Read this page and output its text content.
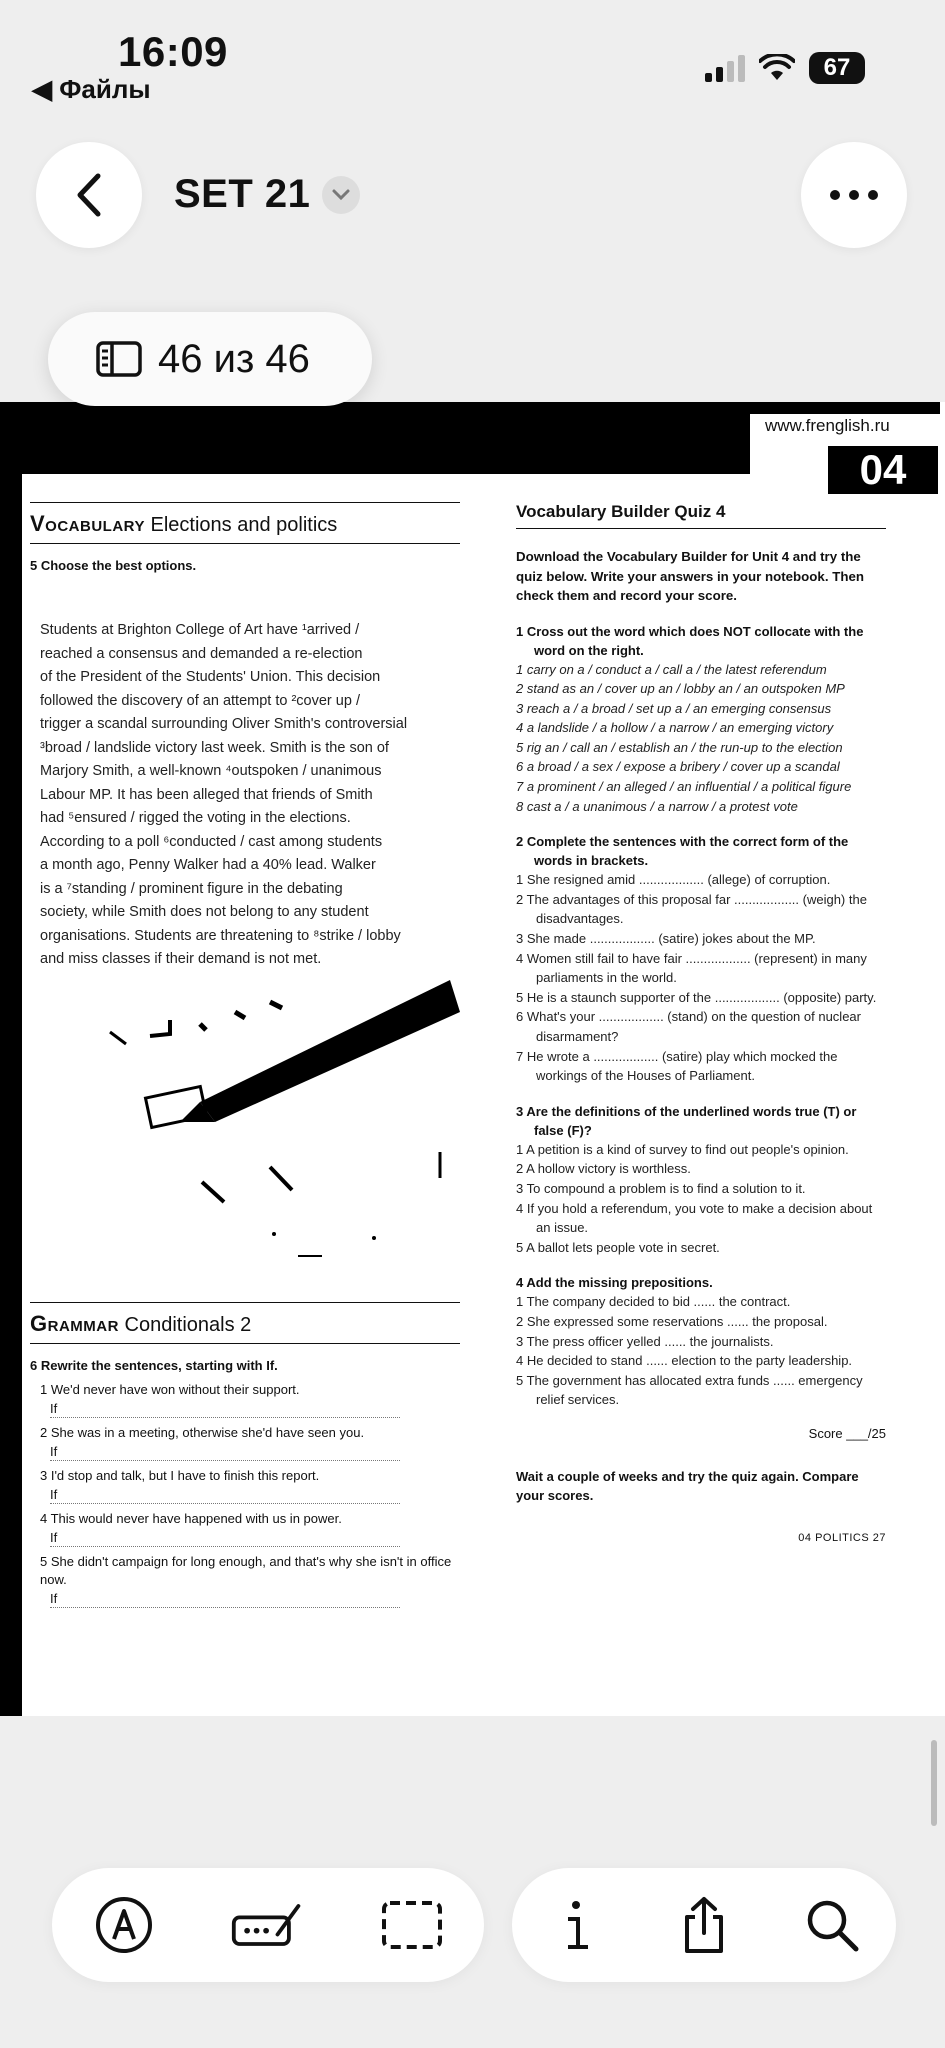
16:09
◀ Файлы
67
SET 21
www.frenglish.ru
04
Vocabulary Elections and politics
5 Choose the best options.
Students at Brighton College of Art have ¹arrived /
reached a consensus and demanded a re-election
of the President of the Students' Union. This decision
followed the discovery of an attempt to ²cover up /
trigger a scandal surrounding Oliver Smith's controversial
³broad / landslide victory last week. Smith is the son of
Marjory Smith, a well-known ⁴outspoken / unanimous
Labour MP. It has been alleged that friends of Smith
had ⁵ensured / rigged the voting in the elections.
According to a poll ⁶conducted / cast among students
a month ago, Penny Walker had a 40% lead. Walker
is a ⁷standing / prominent figure in the debating
society, while Smith does not belong to any student
organisations. Students are threatening to ⁸strike / lobby
and miss classes if their demand is not met.
Grammar Conditionals 2
6 Rewrite the sentences, starting with If.
1 We'd never have won without their support.
If
2 She was in a meeting, otherwise she'd have seen you.
If
3 I'd stop and talk, but I have to finish this report.
If
4 This would never have happened with us in power.
If
5 She didn't campaign for long enough, and that's why she isn't in office now.
If
Vocabulary Builder Quiz 4
Download the Vocabulary Builder for Unit 4 and try the quiz below. Write your answers in your notebook. Then check them and record your score.
1 Cross out the word which does NOT collocate with the word on the right.
1 carry on a / conduct a / call a / the latest referendum
2 stand as an / cover up an / lobby an / an outspoken MP
3 reach a / a broad / set up a / an emerging consensus
4 a landslide / a hollow / a narrow / an emerging victory
5 rig an / call an / establish an / the run-up to the election
6 a broad / a sex / expose a bribery / cover up a scandal
7 a prominent / an alleged / an influential / a political figure
8 cast a / a unanimous / a narrow / a protest vote
2 Complete the sentences with the correct form of the words in brackets.
1 She resigned amid .................. (allege) of corruption.
2 The advantages of this proposal far .................. (weigh) the disadvantages.
3 She made .................. (satire) jokes about the MP.
4 Women still fail to have fair .................. (represent) in many parliaments in the world.
5 He is a staunch supporter of the .................. (opposite) party.
6 What's your .................. (stand) on the question of nuclear disarmament?
7 He wrote a .................. (satire) play which mocked the workings of the Houses of Parliament.
3 Are the definitions of the underlined words true (T) or false (F)?
1 A petition is a kind of survey to find out people's opinion.
2 A hollow victory is worthless.
3 To compound a problem is to find a solution to it.
4 If you hold a referendum, you vote to make a decision about an issue.
5 A ballot lets people vote in secret.
4 Add the missing prepositions.
1 The company decided to bid ...... the contract.
2 She expressed some reservations ...... the proposal.
3 The press officer yelled ...... the journalists.
4 He decided to stand ...... election to the party leadership.
5 The government has allocated extra funds ...... emergency relief services.
Score ___/25
Wait a couple of weeks and try the quiz again. Compare your scores.
04 POLITICS 27
46 из 46
